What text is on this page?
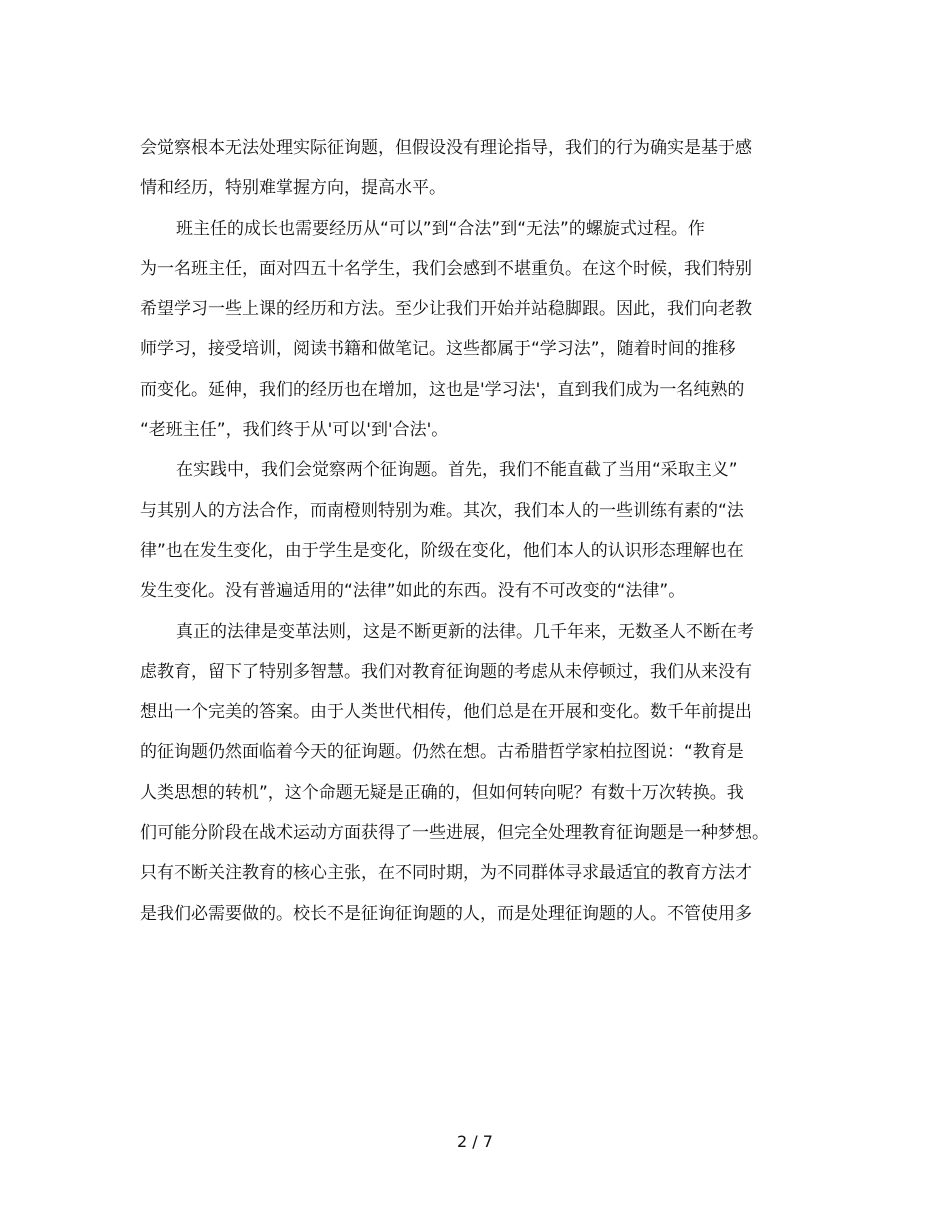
会觉察根本无法处理实际征询题，但假设没有理论指导，我们的行为确实是基于感
情和经历，特别难掌握方向，提高水平。
班主任的成长也需要经历从“可以”到“合法”到“无法”的螺旋式过程。作
为一名班主任，面对四五十名学生，我们会感到不堪重负。在这个时候，我们特别
希望学习一些上课的经历和方法。至少让我们开始并站稳脚跟。因此，我们向老教
师学习，接受培训，阅读书籍和做笔记。这些都属于“学习法”，随着时间的推移
而变化。延伸，我们的经历也在增加，这也是'学习法'，直到我们成为一名纯熟的
“老班主任”，我们终于从'可以'到'合法'。
在实践中，我们会觉察两个征询题。首先，我们不能直截了当用“采取主义”
与其别人的方法合作，而南橙则特别为难。其次，我们本人的一些训练有素的“法
律”也在发生变化，由于学生是变化，阶级在变化，他们本人的认识形态理解也在
发生变化。没有普遍适用的“法律”如此的东西。没有不可改变的“法律”。
真正的法律是变革法则，这是不断更新的法律。几千年来，无数圣人不断在考
虑教育，留下了特别多智慧。我们对教育征询题的考虑从未停顿过，我们从来没有
想出一个完美的答案。由于人类世代相传，他们总是在开展和变化。数千年前提出
的征询题仍然面临着今天的征询题。仍然在想。古希腊哲学家柏拉图说：“教育是
人类思想的转机”，这个命题无疑是正确的，但如何转向呢？有数十万次转换。我
们可能分阶段在战术运动方面获得了一些进展，但完全处理教育征询题是一种梦想。
只有不断关注教育的核心主张，在不同时期，为不同群体寻求最适宜的教育方法才
是我们必需要做的。校长不是征询征询题的人，而是处理征询题的人。不管使用多
2 / 7
